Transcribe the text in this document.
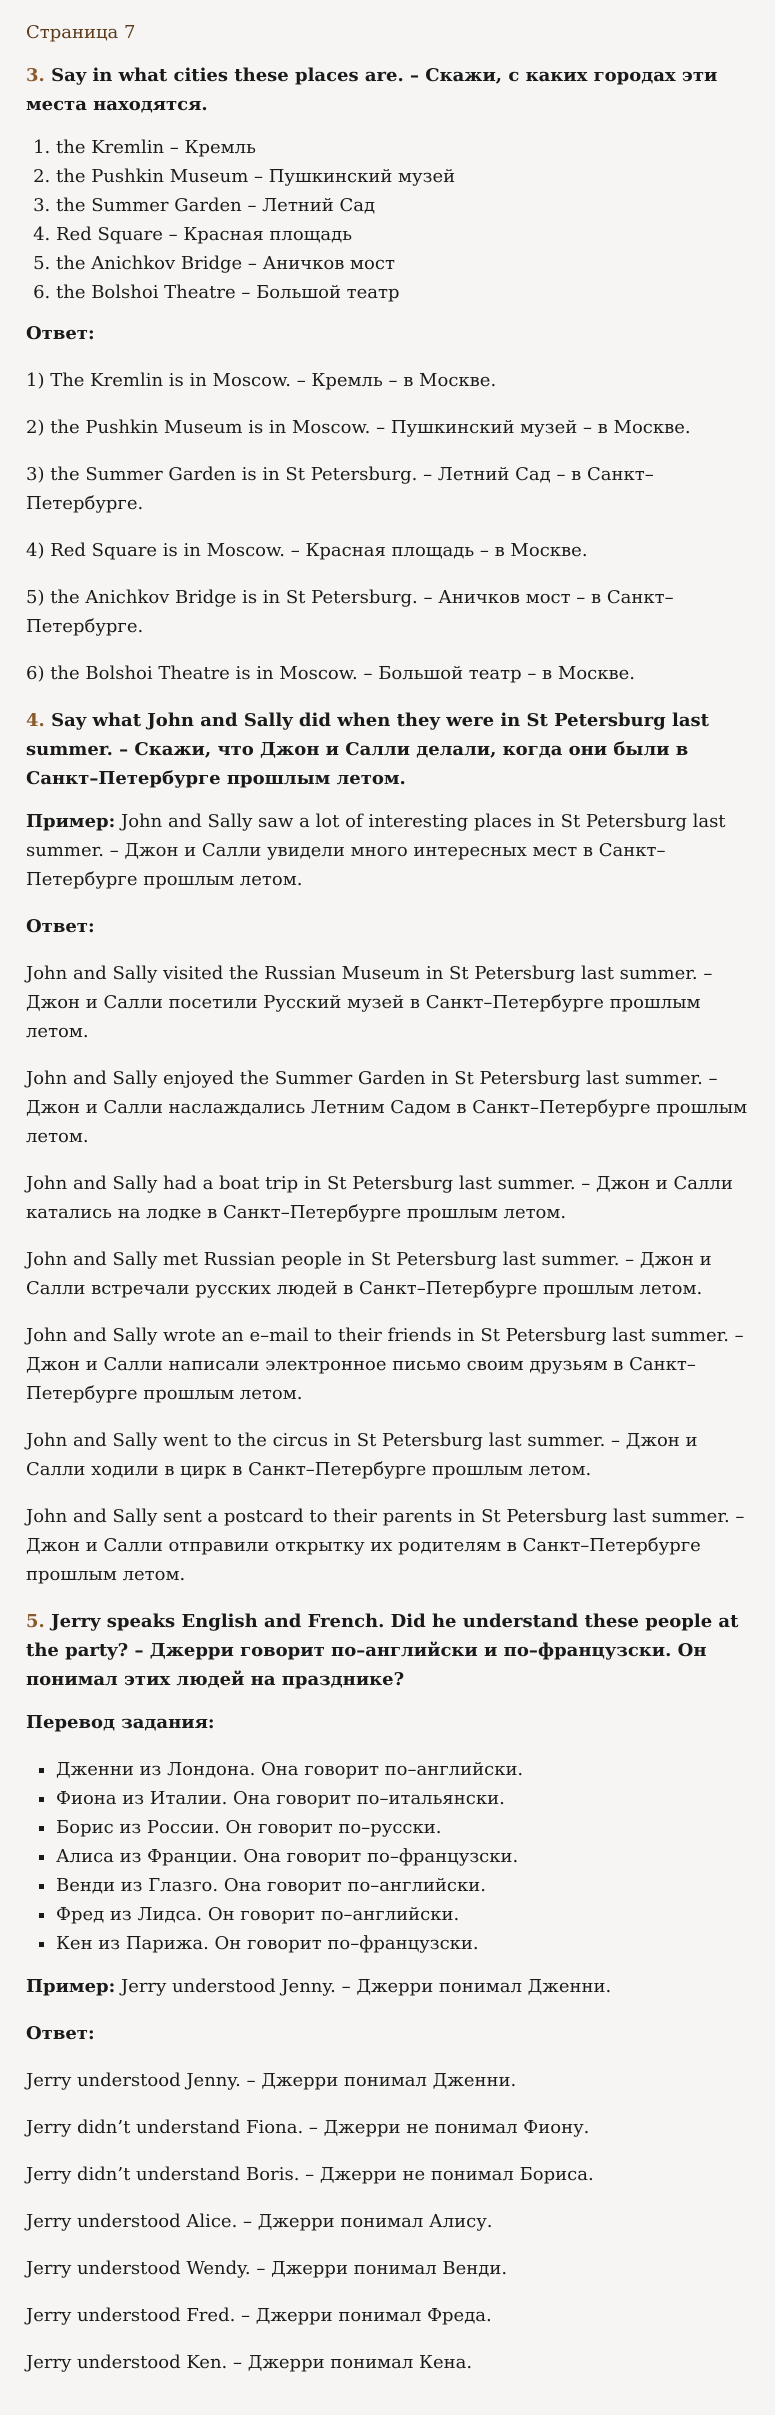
Страница 7
3. Say in what cities these places are. – Скажи, с каких городах эти места находятся.
1. the Kremlin – Кремль
2. the Pushkin Museum – Пушкинский музей
3. the Summer Garden – Летний Сад
4. Red Square – Красная площадь
5. the Anichkov Bridge – Аничков мост
6. the Bolshoi Theatre – Большой театр
Ответ:

1) The Kremlin is in Moscow. – Кремль – в Москве.

2) the Pushkin Museum is in Moscow. – Пушкинский музей – в Москве.

3) the Summer Garden is in St Petersburg. – Летний Сад – в Санкт–Петербурге.

4) Red Square is in Moscow. – Красная площадь – в Москве.

5) the Anichkov Bridge is in St Petersburg. – Аничков мост – в Санкт–Петербурге.

6) the Bolshoi Theatre is in Moscow. – Большой театр – в Москве.

4. Say what John and Sally did when they were in St Petersburg last summer. – Скажи, что Джон и Салли делали, когда они были в Санкт–Петербурге прошлым летом.

Пример: John and Sally saw a lot of interesting places in St Petersburg last summer. – Джон и Салли увидели много интересных мест в Санкт–Петербурге прошлым летом.

Ответ:

John and Sally visited the Russian Museum in St Petersburg last summer. – Джон и Салли посетили Русский музей в Санкт–Петербурге прошлым летом.

John and Sally enjoyed the Summer Garden in St Petersburg last summer. – Джон и Салли наслаждались Летним Садом в Санкт–Петербурге прошлым летом.

John and Sally had a boat trip in St Petersburg last summer. – Джон и Салли катались на лодке в Санкт–Петербурге прошлым летом.

John and Sally met Russian people in St Petersburg last summer. – Джон и Салли встречали русских людей в Санкт–Петербурге прошлым летом.

John and Sally wrote an e–mail to their friends in St Petersburg last summer. – Джон и Салли написали электронное письмо своим друзьям в Санкт–Петербурге прошлым летом.

John and Sally went to the circus in St Petersburg last summer. – Джон и Салли ходили в цирк в Санкт–Петербурге прошлым летом.

John and Sally sent a postcard to their parents in St Petersburg last summer. – Джон и Салли отправили открытку их родителям в Санкт–Петербурге прошлым летом.

5. Jerry speaks English and French. Did he understand these people at the party? – Джерри говорит по–английски и по–французски. Он понимал этих людей на празднике?
Перевод задания:
▪ Дженни из Лондона. Она говорит по–английски.
▪ Фиона из Италии. Она говорит по–итальянски.
▪ Борис из России. Он говорит по–русски.
▪ Алиса из Франции. Она говорит по–французски.
▪ Венди из Глазго. Она говорит по–английски.
▪ Фред из Лидса. Он говорит по–английски.
▪ Кен из Парижа. Он говорит по–французски.

Пример: Jerry understood Jenny. – Джерри понимал Дженни.

Ответ:

Jerry understood Jenny. – Джерри понимал Дженни.

Jerry didn’t understand Fiona. – Джерри не понимал Фиону.

Jerry didn’t understand Boris. – Джерри не понимал Бориса.

Jerry understood Alice. – Джерри понимал Алису.

Jerry understood Wendy. – Джерри понимал Венди.

Jerry understood Fred. – Джерри понимал Фреда.

Jerry understood Ken. – Джерри понимал Кена.
